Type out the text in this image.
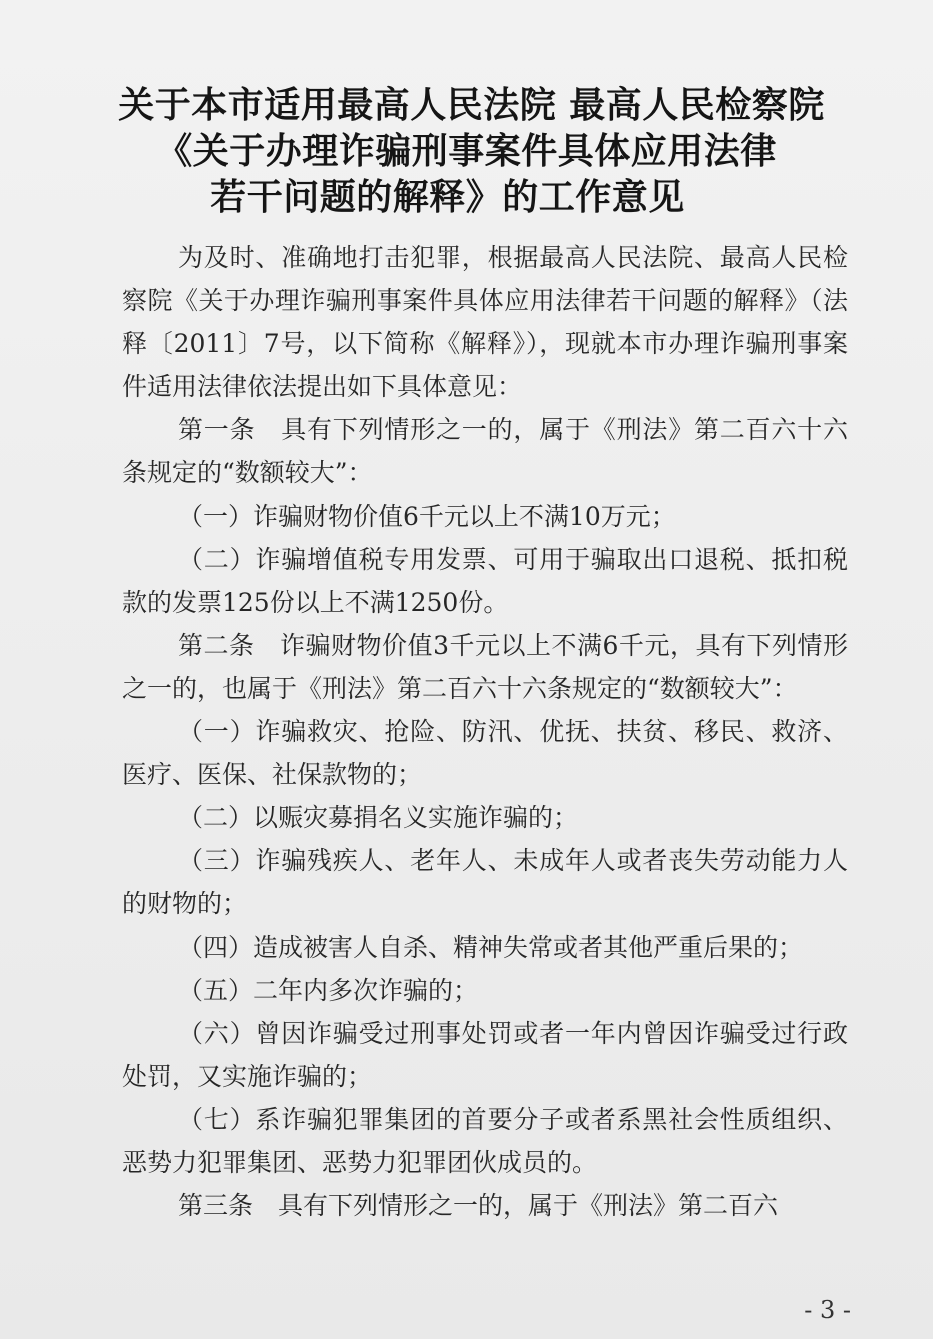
关于本市适用最高人民法院 最高人民检察院
《关于办理诈骗刑事案件具体应用法律
若干问题的解释》的工作意见

为及时、准确地打击犯罪，根据最高人民法院、最高人民检察院《关于办理诈骗刑事案件具体应用法律若干问题的解释》（法释〔2011〕7号，以下简称《解释》），现就本市办理诈骗刑事案件适用法律依法提出如下具体意见：

第一条　具有下列情形之一的，属于《刑法》第二百六十六条规定的“数额较大”：

（一）诈骗财物价值6千元以上不满10万元；

（二）诈骗增值税专用发票、可用于骗取出口退税、抵扣税款的发票125份以上不满1250份。

第二条　诈骗财物价值3千元以上不满6千元，具有下列情形之一的，也属于《刑法》第二百六十六条规定的“数额较大”：

（一）诈骗救灾、抢险、防汛、优抚、扶贫、移民、救济、医疗、医保、社保款物的；

（二）以赈灾募捐名义实施诈骗的；

（三）诈骗残疾人、老年人、未成年人或者丧失劳动能力人的财物的；

（四）造成被害人自杀、精神失常或者其他严重后果的；

（五）二年内多次诈骗的；

（六）曾因诈骗受过刑事处罚或者一年内曾因诈骗受过行政处罚，又实施诈骗的；

（七）系诈骗犯罪集团的首要分子或者系黑社会性质组织、恶势力犯罪集团、恶势力犯罪团伙成员的。

第三条　具有下列情形之一的，属于《刑法》第二百六

- 3 -
